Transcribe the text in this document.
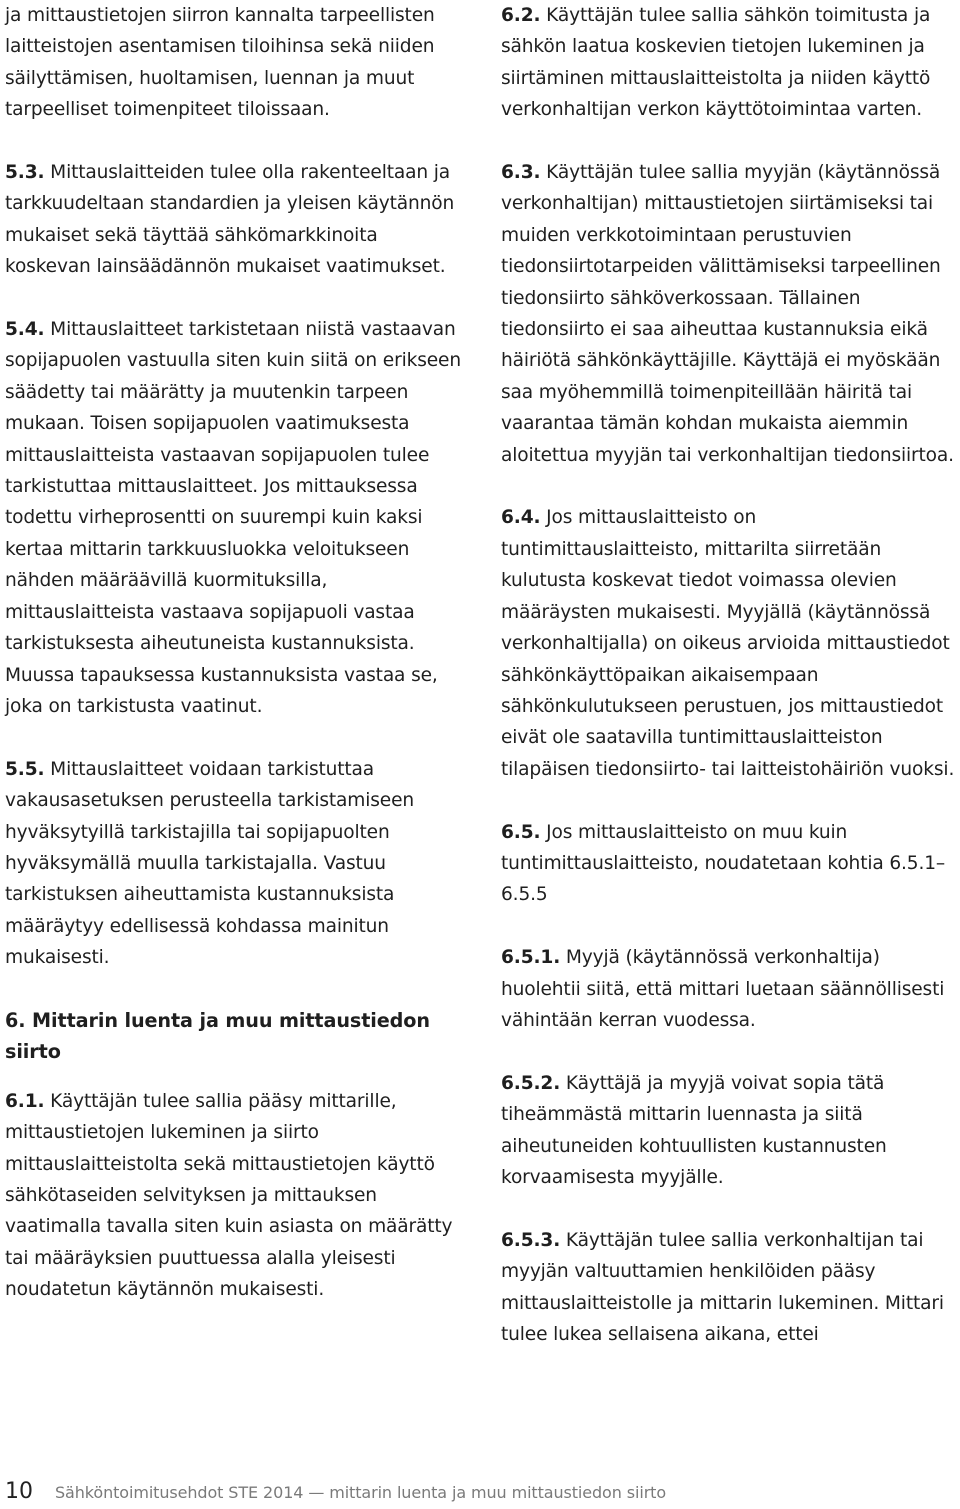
ja mittaustietojen siirron kannalta tarpeellisten laitteistojen asentamisen tiloihinsa sekä niiden säilyttämisen, huoltamisen, luennan ja muut tarpeelliset toimenpiteet tiloissaan.

5.3. Mittauslaitteiden tulee olla rakenteeltaan ja tarkkuudeltaan standardien ja yleisen käytännön mukaiset sekä täyttää sähkömarkkinoita koskevan lainsäädännön mukaiset vaatimukset.

5.4. Mittauslaitteet tarkistetaan niistä vastaavan sopijapuolen vastuulla siten kuin siitä on erikseen säädetty tai määrätty ja muutenkin tarpeen mukaan. Toisen sopijapuolen vaatimuksesta mittauslaitteista vastaavan sopijapuolen tulee tarkistuttaa mittauslaitteet. Jos mittauksessa todettu virheprosentti on suurempi kuin kaksi kertaa mittarin tarkkuusluokka veloitukseen nähden määräävillä kuormituksilla, mittauslaitteista vastaava sopijapuoli vastaa tarkistuksesta aiheutuneista kustannuksista. Muussa tapauksessa kustannuksista vastaa se, joka on tarkistusta vaatinut.

5.5. Mittauslaitteet voidaan tarkistuttaa vakausasetuksen perusteella tarkistamiseen hyväksytyillä tarkistajilla tai sopijapuolten hyväksymällä muulla tarkistajalla. Vastuu tarkistuksen aiheuttamista kustannuksista määräytyy edellisessä kohdassa mainitun mukaisesti.

6. Mittarin luenta ja muu mittaustiedon siirto

6.1. Käyttäjän tulee sallia pääsy mittarille, mittaustietojen lukeminen ja siirto mittauslaitteistolta sekä mittaustietojen käyttö sähkötaseiden selvityksen ja mittauksen vaatimalla tavalla siten kuin asiasta on määrätty tai määräyksien puuttuessa alalla yleisesti noudatetun käytännön mukaisesti.

6.2. Käyttäjän tulee sallia sähkön toimitusta ja sähkön laatua koskevien tietojen lukeminen ja siirtäminen mittauslaitteistolta ja niiden käyttö verkonhaltijan verkon käyttötoimintaa varten.

6.3. Käyttäjän tulee sallia myyjän (käytännössä verkonhaltijan) mittaustietojen siirtämiseksi tai muiden verkkotoimintaan perustuvien tiedonsiirtotarpeiden välittämiseksi tarpeellinen tiedonsiirto sähköverkossaan. Tällainen tiedonsiirto ei saa aiheuttaa kustannuksia eikä häiriötä sähkönkäyttäjille. Käyttäjä ei myöskään saa myöhemmillä toimenpiteillään häiritä tai vaarantaa tämän kohdan mukaista aiemmin aloitettua myyjän tai verkonhaltijan tiedonsiirtoa.

6.4. Jos mittauslaitteisto on tuntimittauslaitteisto, mittarilta siirretään kulutusta koskevat tiedot voimassa olevien määräysten mukaisesti. Myyjällä (käytännössä verkonhaltijalla) on oikeus arvioida mittaustiedot sähkönkäyttöpaikan aikaisempaan sähkönkulutukseen perustuen, jos mittaustiedot eivät ole saatavilla tuntimittauslaitteiston tilapäisen tiedonsiirto- tai laitteistohäiriön vuoksi.

6.5. Jos mittauslaitteisto on muu kuin tuntimittauslaitteisto, noudatetaan kohtia 6.5.1–6.5.5

6.5.1. Myyjä (käytännössä verkonhaltija) huolehtii siitä, että mittari luetaan säännöllisesti vähintään kerran vuodessa.

6.5.2. Käyttäjä ja myyjä voivat sopia tätä tiheämmästä mittarin luennasta ja siitä aiheutuneiden kohtuullisten kustannusten korvaamisesta myyjälle.

6.5.3. Käyttäjän tulee sallia verkonhaltijan tai myyjän valtuuttamien henkilöiden pääsy mittauslaitteistolle ja mittarin lukeminen. Mittari tulee lukea sellaisena aikana, ettei

10 Sähköntoimitusehdot STE 2014 — mittarin luenta ja muu mittaustiedon siirto
